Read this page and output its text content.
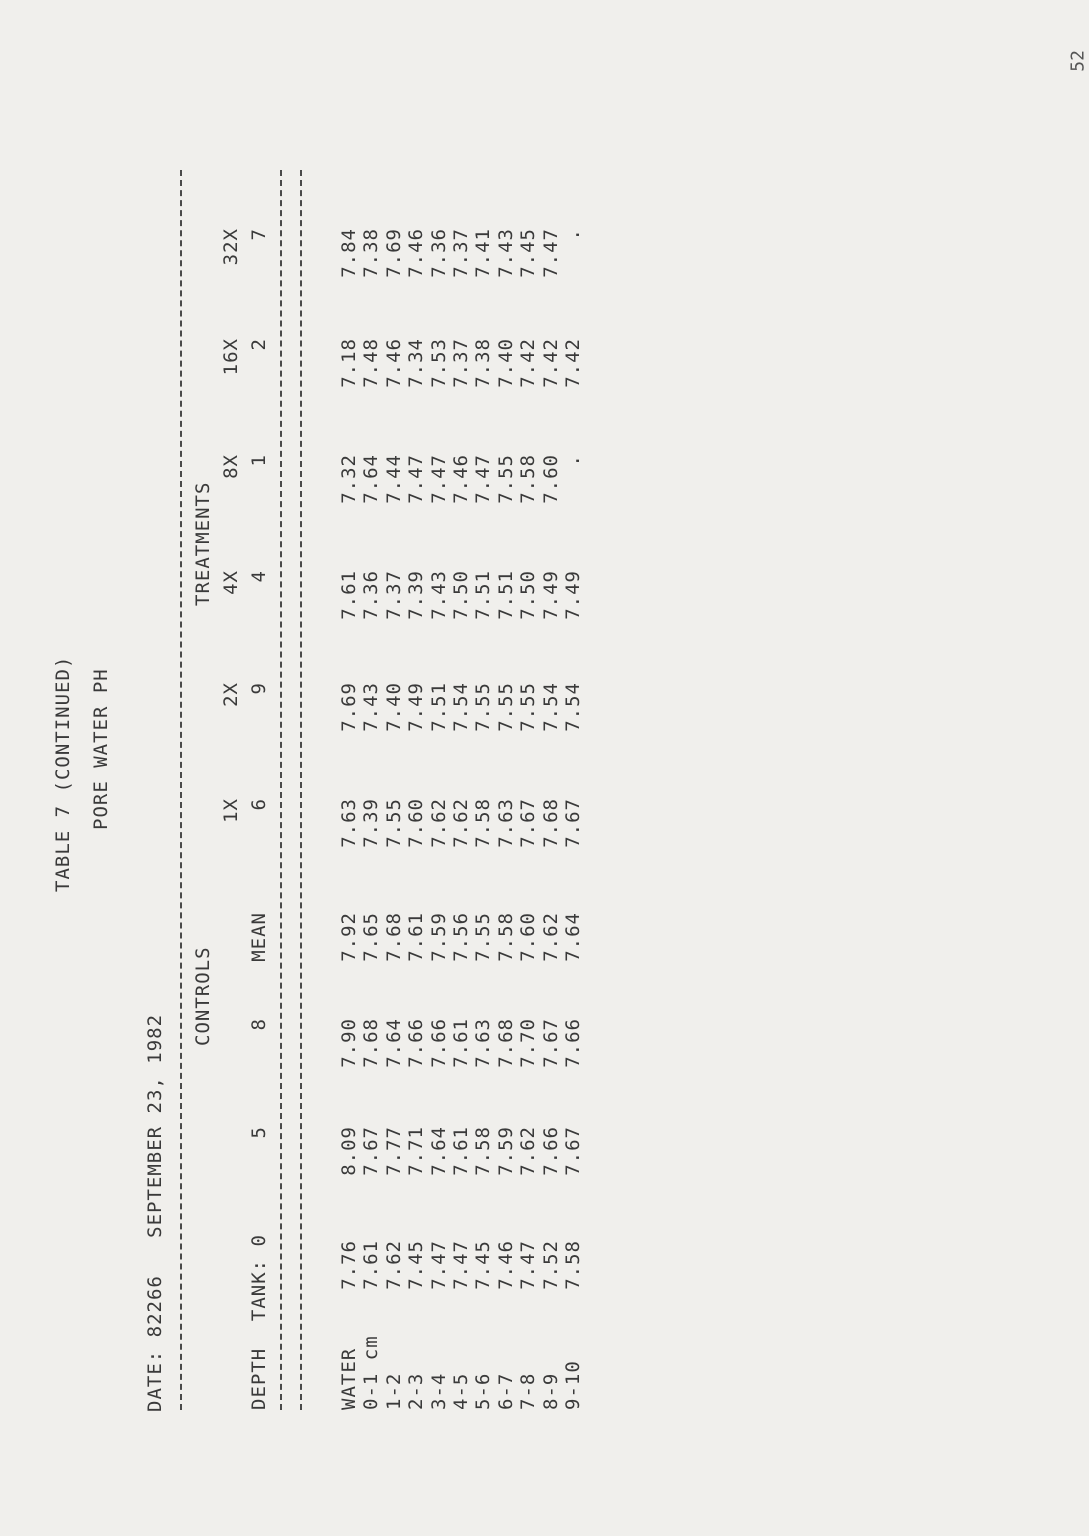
52
TABLE 7 (CONTINUED) PORE WATER PH
DATE: 82266   SEPTEMBER 23, 1982
CONTROLS
TREATMENTS
1X
2X
4X
8X
16X
32X
TANK: 0
5
8
MEAN
6
9
4
1
2
7
DEPTH	WATER
7.76
8.09
7.90
7.92
7.63
7.69
7.61
7.32
7.18
7.84
0-1 cm
7.61
7.67
7.68
7.65
7.39
7.43
7.36
7.64
7.48
7.38
1-2
7.62
7.77
7.64
7.68
7.55
7.40
7.37
7.44
7.46
7.69
2-3
7.45
7.71
7.66
7.61
7.60
7.49
7.39
7.47
7.34
7.46
3-4
7.47
7.64
7.66
7.59
7.62
7.51
7.43
7.47
7.53
7.36
4-5
7.47
7.61
7.61
7.56
7.62
7.54
7.50
7.46
7.37
7.37
5-6
7.45
7.58
7.63
7.55
7.58
7.55
7.51
7.47
7.38
7.41
6-7
7.46
7.59
7.68
7.58
7.63
7.55
7.51
7.55
7.40
7.43
7-8
7.47
7.62
7.70
7.60
7.67
7.55
7.50
7.58
7.42
7.45
8-9
7.52
7.66
7.67
7.62
7.68
7.54
7.49
7.60
7.42
7.47
9-10
7.58
7.67
7.66
7.64
7.67
7.54
7.49
.
7.42
.
